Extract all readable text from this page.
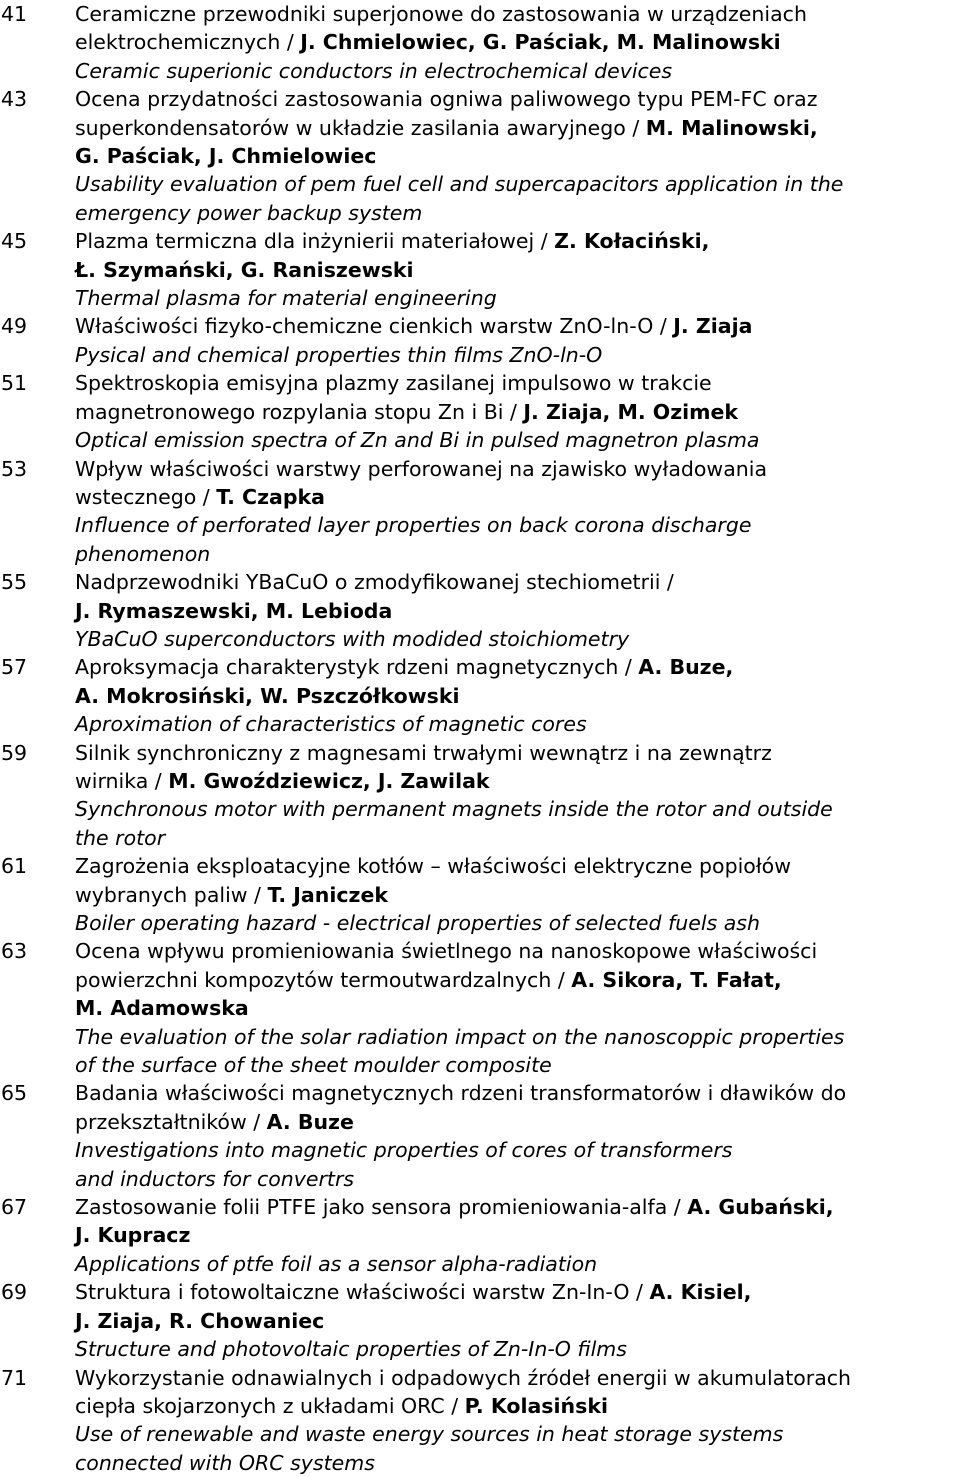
41	Ceramiczne przewodniki superjonowe do zastosowania w urządzeniach
elektrochemicznych / J. Chmielowiec, G. Paściak, M. Malinowski
Ceramic superionic conductors in electrochemical devices
43	Ocena przydatności zastosowania ogniwa paliwowego typu PEM-FC oraz
superkondensatorów w układzie zasilania awaryjnego / M. Malinowski,
G. Paściak, J. Chmielowiec
Usability evaluation of pem fuel cell and supercapacitors application in the
emergency power backup system
45	Plazma termiczna dla inżynierii materiałowej / Z. Kołaciński,
Ł. Szymański, G. Raniszewski
Thermal plasma for material engineering
49	Właściwości fizyko-chemiczne cienkich warstw ZnO-ln-O / J. Ziaja
Pysical and chemical properties thin films ZnO-ln-O
51	Spektroskopia emisyjna plazmy zasilanej impulsowo w trakcie
magnetronowego rozpylania stopu Zn i Bi / J. Ziaja, M. Ozimek
Optical emission spectra of Zn and Bi in pulsed magnetron plasma
53	Wpływ właściwości warstwy perforowanej na zjawisko wyładowania
wstecznego / T. Czapka
Influence of perforated layer properties on back corona discharge
phenomenon
55	Nadprzewodniki YBaCuO o zmodyfikowanej stechiometrii /
J. Rymaszewski, M. Lebioda
YBaCuO superconductors with modided stoichiometry
57	Aproksymacja charakterystyk rdzeni magnetycznych / A. Buze,
A. Mokrosiński, W. Pszczółkowski
Aproximation of characteristics of magnetic cores
59	Silnik synchroniczny z magnesami trwałymi wewnątrz i na zewnątrz
wirnika / M. Gwoździewicz, J. Zawilak
Synchronous motor with permanent magnets inside the rotor and outside
the rotor
61	Zagrożenia eksploatacyjne kotłów – właściwości elektryczne popiołów
wybranych paliw / T. Janiczek
Boiler operating hazard - electrical properties of selected fuels ash
63	Ocena wpływu promieniowania świetlnego na nanoskopowe właściwości
powierzchni kompozytów termoutwardzalnych / A. Sikora, T. Fałat,
M. Adamowska
The evaluation of the solar radiation impact on the nanoscoppic properties
of the surface of the sheet moulder composite
65	Badania właściwości magnetycznych rdzeni transformatorów i dławików do
przekształtników / A. Buze
Investigations into magnetic properties of cores of transformers
and inductors for convertrs
67	Zastosowanie folii PTFE jako sensora promieniowania-alfa / A. Gubański,
J. Kupracz
Applications of ptfe foil as a sensor alpha-radiation
69	Struktura i fotowoltaiczne właściwości warstw Zn-In-O / A. Kisiel,
J. Ziaja, R. Chowaniec
Structure and photovoltaic properties of Zn-In-O films
71	Wykorzystanie odnawialnych i odpadowych źródeł energii w akumulatorach
ciepła skojarzonych z układami ORC / P. Kolasiński
Use of renewable and waste energy sources in heat storage systems
connected with ORC systems
